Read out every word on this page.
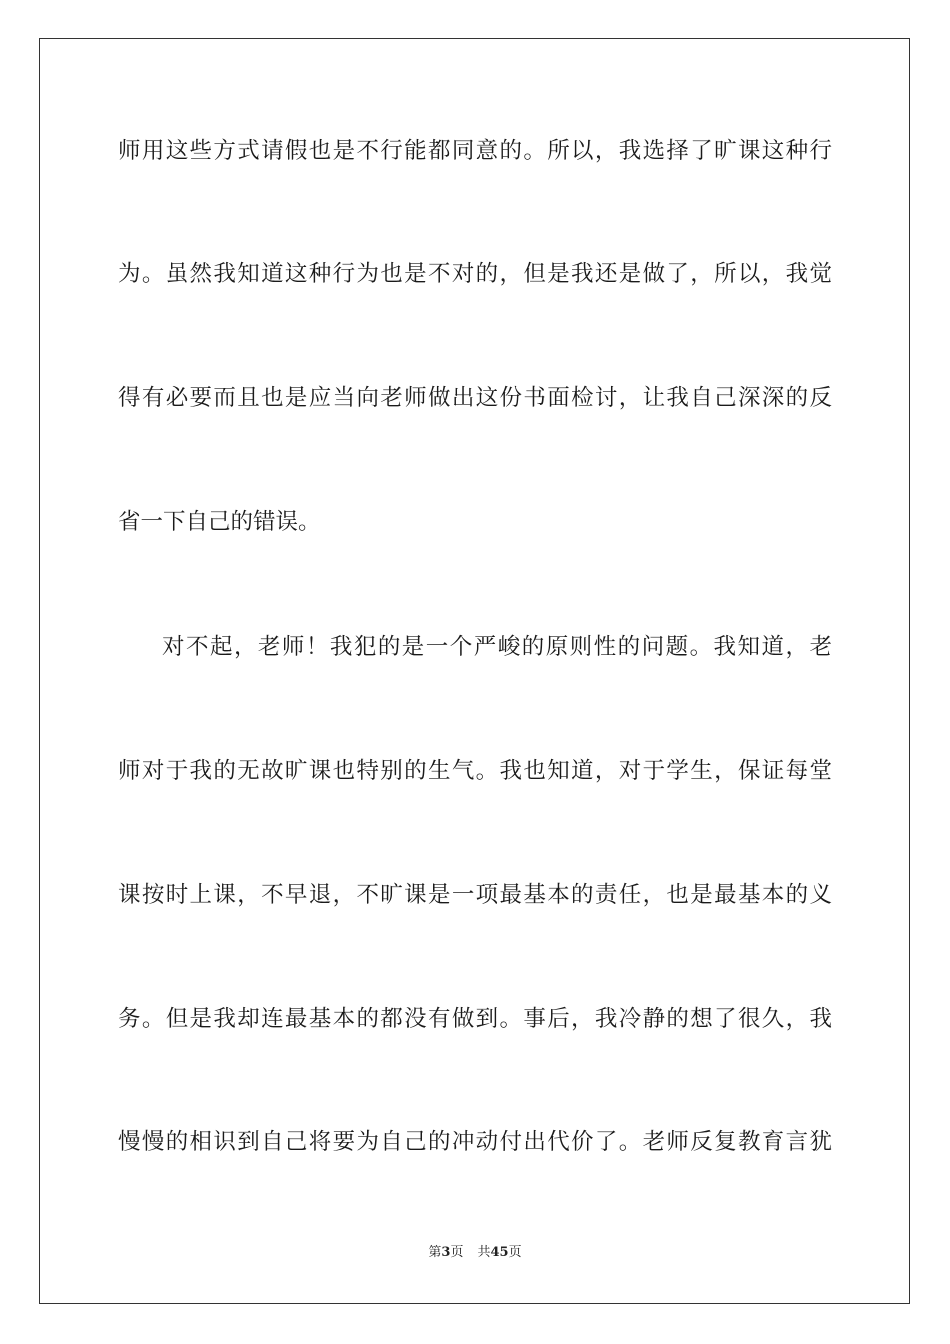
师用这些方式请假也是不行能都同意的。所以，我选择了旷课这种行
为。虽然我知道这种行为也是不对的，但是我还是做了，所以，我觉
得有必要而且也是应当向老师做出这份书面检讨，让我自己深深的反
省一下自己的错误。
对不起，老师！我犯的是一个严峻的原则性的问题。我知道，老
师对于我的无故旷课也特别的生气。我也知道，对于学生，保证每堂
课按时上课，不早退，不旷课是一项最基本的责任，也是最基本的义
务。但是我却连最基本的都没有做到。事后，我冷静的想了很久，我
慢慢的相识到自己将要为自己的冲动付出代价了。老师反复教育言犹
第3页 共45页
